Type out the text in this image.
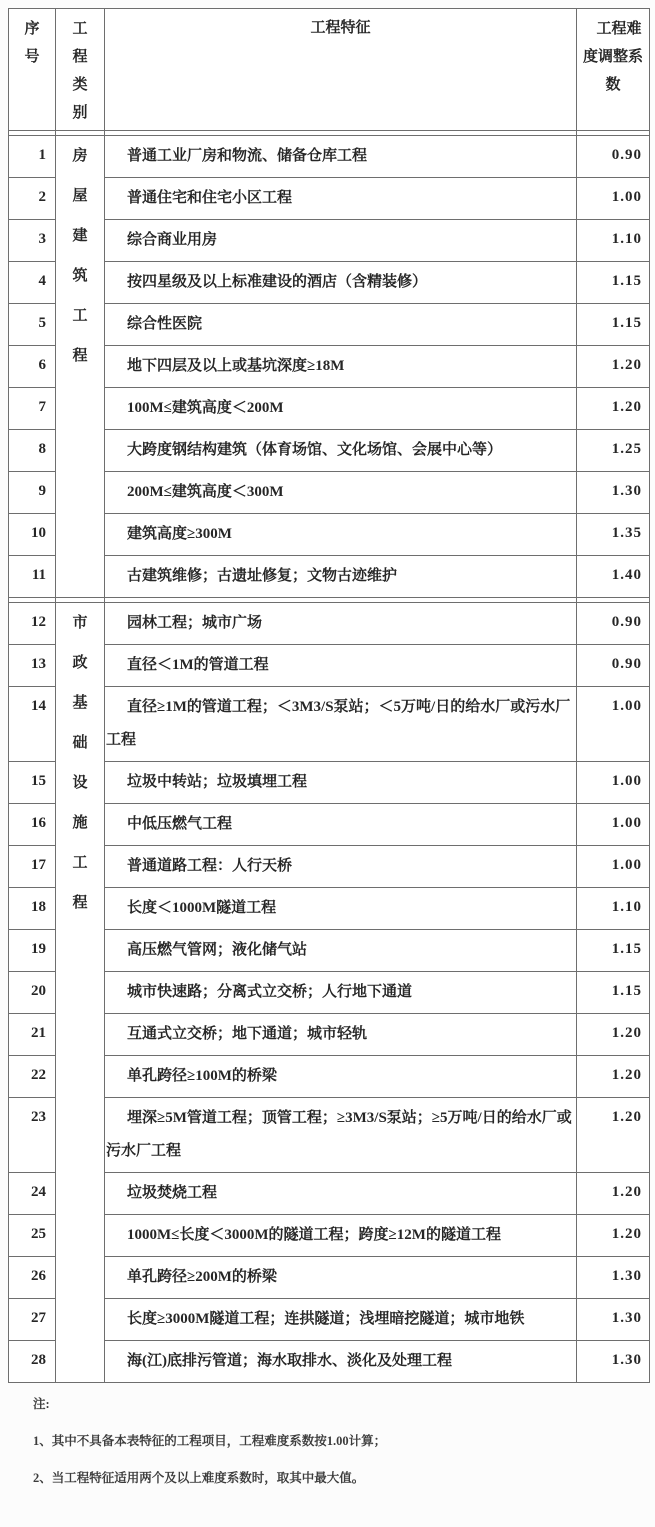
序号	工程类别	工程特征	工程难度调整系数

1	房屋建筑工程	普通工业厂房和物流、储备仓库工程	0.90
2		普通住宅和住宅小区工程	1.00
3		综合商业用房	1.10
4		按四星级及以上标准建设的酒店（含精装修）	1.15
5		综合性医院	1.15
6		地下四层及以上或基坑深度≥18M	1.20
7		100M≤建筑高度＜200M	1.20
8		大跨度钢结构建筑（体育场馆、文化场馆、会展中心等）	1.25
9		200M≤建筑高度＜300M	1.30
10		建筑高度≥300M	1.35
11		古建筑维修；古遗址修复；文物古迹维护	1.40

12	市政基础设施工程	园林工程；城市广场	0.90
13		直径＜1M的管道工程	0.90
14		直径≥1M的管道工程；＜3M3/S泵站；＜5万吨/日的给水厂或污水厂工程	1.00
15		垃圾中转站；垃圾填埋工程	1.00
16		中低压燃气工程	1.00
17		普通道路工程：人行天桥	1.00
18		长度＜1000M隧道工程	1.10
19		高压燃气管网；液化储气站	1.15
20		城市快速路；分离式立交桥；人行地下通道	1.15
21		互通式立交桥；地下通道；城市轻轨	1.20
22		单孔跨径≥100M的桥梁	1.20
23		埋深≥5M管道工程；顶管工程；≥3M3/S泵站；≥5万吨/日的给水厂或污水厂工程	1.20
24		垃圾焚烧工程	1.20
25		1000M≤长度＜3000M的隧道工程；跨度≥12M的隧道工程	1.20
26		单孔跨径≥200M的桥梁	1.30
27		长度≥3000M隧道工程；连拱隧道；浅埋暗挖隧道；城市地铁	1.30
28		海(江)底排污管道；海水取排水、淡化及处理工程	1.30

注:

1、其中不具备本表特征的工程项目，工程难度系数按1.00计算；

2、当工程特征适用两个及以上难度系数时，取其中最大值。
